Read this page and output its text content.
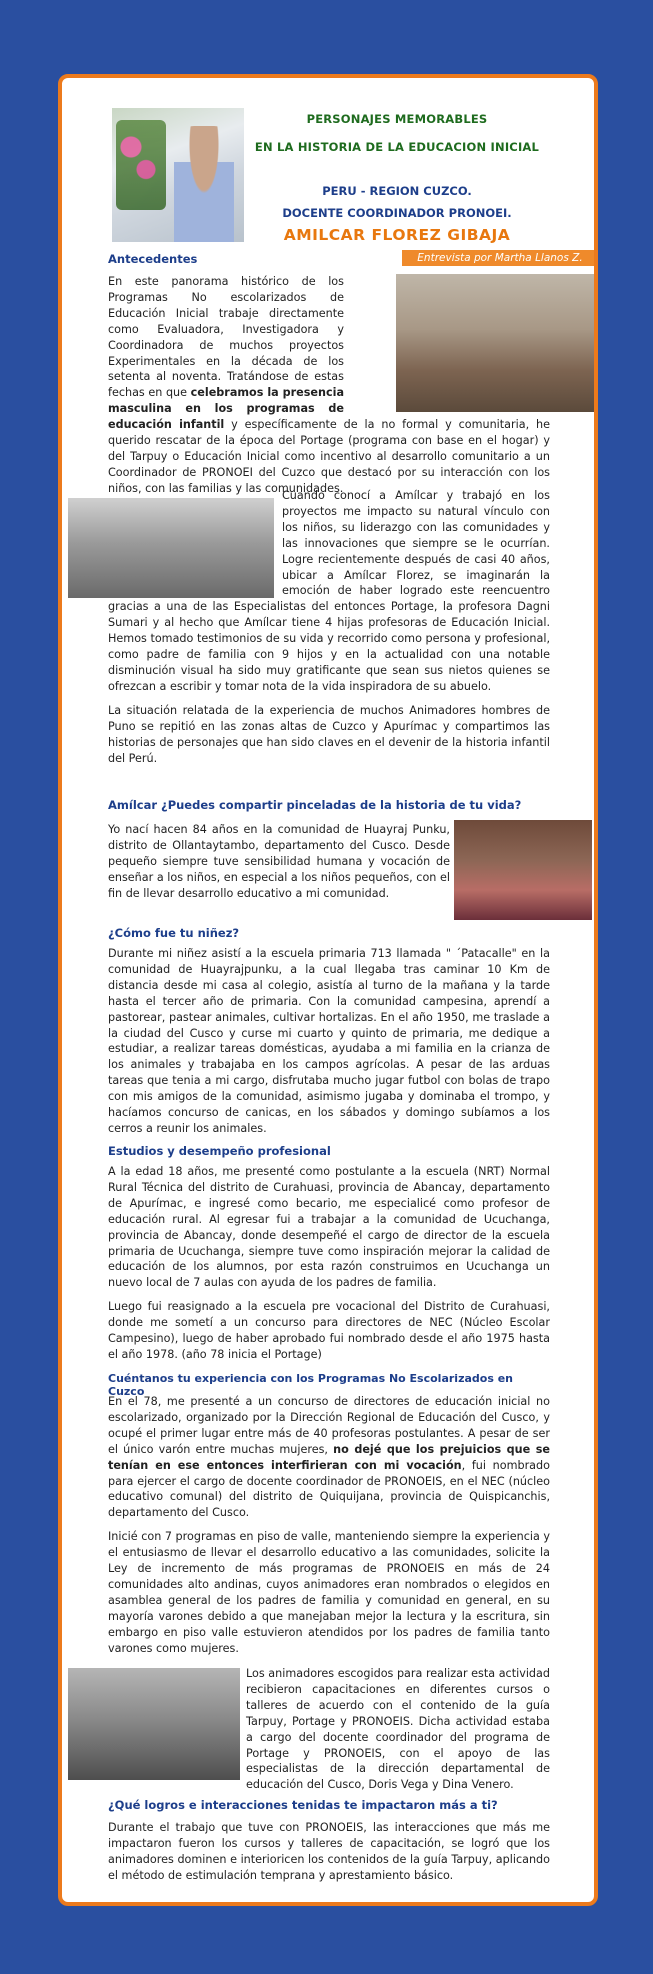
PERSONAJES MEMORABLES

EN LA HISTORIA DE LA EDUCACION INICIAL

PERU - REGION CUZCO.

DOCENTE COORDINADOR PRONOEI.

AMILCAR FLOREZ GIBAJA

Entrevista por Martha Llanos Z.
Antecedentes

En este panorama histórico de los Programas No escolarizados de Educación Inicial trabaje directamente como Evaluadora, Investigadora y Coordinadora de muchos proyectos Experimentales en la década de los setenta al noventa. Tratándose de estas fechas en que celebramos la presencia masculina en los programas de educación infantil y específicamente de la no formal y comunitaria, he querido rescatar de la época del Portage (programa con base en el hogar) y del Tarpuy o Educación Inicial como incentivo al desarrollo comunitario a un Coordinador de PRONOEI del Cuzco que destacó por su interacción con los niños, con las familias y las comunidades.

Cuando conocí a Amílcar y trabajó en los proyectos me impacto su natural vínculo con los niños, su liderazgo con las comunidades y las innovaciones que siempre se le ocurrían. Logre recientemente después de casi 40 años, ubicar a Amílcar Florez, se imaginarán la emoción de haber logrado este reencuentro gracias a una de las Especialistas del entonces Portage, la profesora Dagni Sumari y al hecho que Amílcar tiene 4 hijas profesoras de Educación Inicial. Hemos tomado testimonios de su vida y recorrido como persona y profesional, como padre de familia con 9 hijos y en la actualidad con una notable disminución visual ha sido muy gratificante que sean sus nietos quienes se ofrezcan a escribir y tomar nota de la vida inspiradora de su abuelo.

La situación relatada de la experiencia de muchos Animadores hombres de Puno se repitió en las zonas altas de Cuzco y Apurímac y compartimos las historias de personajes que han sido claves en el devenir de la historia infantil del Perú.

Amílcar ¿Puedes compartir pinceladas de la historia de tu vida?

Yo nací hacen 84 años en la comunidad de Huayraj Punku, distrito de Ollantaytambo, departamento del Cusco. Desde pequeño siempre tuve sensibilidad humana y vocación de enseñar a los niños, en especial a los niños pequeños, con el fin de llevar desarrollo educativo a mi comunidad.

¿Cómo fue tu niñez?

Durante mi niñez asistí a la escuela primaria 713 llamada " ´Patacalle" en la comunidad de Huayrajpunku, a la cual llegaba tras caminar 10 Km de distancia desde mi casa al colegio, asistía al turno de la mañana y la tarde hasta el tercer año de primaria. Con la comunidad campesina, aprendí a pastorear, pastear animales, cultivar hortalizas. En el año 1950, me traslade a la ciudad del Cusco y curse mi cuarto y quinto de primaria, me dedique a estudiar, a realizar tareas domésticas, ayudaba a mi familia en la crianza de los animales y trabajaba en los campos agrícolas. A pesar de las arduas tareas que tenia a mi cargo, disfrutaba mucho jugar futbol con bolas de trapo con mis amigos de la comunidad, asimismo jugaba y dominaba el trompo, y hacíamos concurso de canicas, en los sábados y domingo subíamos a los cerros a reunir los animales.

Estudios y desempeño profesional

A la edad 18 años, me presenté como postulante a la escuela (NRT) Normal Rural Técnica del distrito de Curahuasi, provincia de Abancay, departamento de Apurímac, e ingresé como becario, me especialicé como profesor de educación rural. Al egresar fui a trabajar a la comunidad de Ucuchanga, provincia de Abancay, donde desempeñé el cargo de director de la escuela primaria de Ucuchanga, siempre tuve como inspiración mejorar la calidad de educación de los alumnos, por esta razón construimos en Ucuchanga un nuevo local de 7 aulas con ayuda de los padres de familia.

Luego fui reasignado a la escuela pre vocacional del Distrito de Curahuasi, donde me sometí a un concurso para directores de NEC (Núcleo Escolar Campesino), luego de haber aprobado fui nombrado desde el año 1975 hasta el año 1978. (año 78 inicia el Portage)

Cuéntanos tu experiencia con los Programas No Escolarizados en Cuzco

En el 78, me presenté a un concurso de directores de educación inicial no escolarizado, organizado por la Dirección Regional de Educación del Cusco, y ocupé el primer lugar entre más de 40 profesoras postulantes. A pesar de ser el único varón entre muchas mujeres, no dejé que los prejuicios que se tenían en ese entonces interfirieran con mi vocación, fui nombrado para ejercer el cargo de docente coordinador de PRONOEIS, en el NEC (núcleo educativo comunal) del distrito de Quiquijana, provincia de Quispicanchis, departamento del Cusco.

Inicié con 7 programas en piso de valle, manteniendo siempre la experiencia y el entusiasmo de llevar el desarrollo educativo a las comunidades, solicite la Ley de incremento de más programas de PRONOEIS en más de 24 comunidades alto andinas, cuyos animadores eran nombrados o elegidos en asamblea general de los padres de familia y comunidad en general, en su mayoría varones debido a que manejaban mejor la lectura y la escritura, sin embargo en piso valle estuvieron atendidos por los padres de familia tanto varones como mujeres.

Los animadores escogidos para realizar esta actividad recibieron capacitaciones en diferentes cursos o talleres de acuerdo con el contenido de la guía Tarpuy, Portage y PRONOEIS. Dicha actividad estaba a cargo del docente coordinador del programa de Portage y PRONOEIS, con el apoyo de las especialistas de la dirección departamental de educación del Cusco, Doris Vega y Dina Venero.

¿Qué logros e interacciones tenidas te impactaron más a ti?

Durante el trabajo que tuve con PRONOEIS, las interacciones que más me impactaron fueron los cursos y talleres de capacitación, se logró que los animadores dominen e interioricen los contenidos de la guía Tarpuy, aplicando el método de estimulación temprana y aprestamiento básico.
